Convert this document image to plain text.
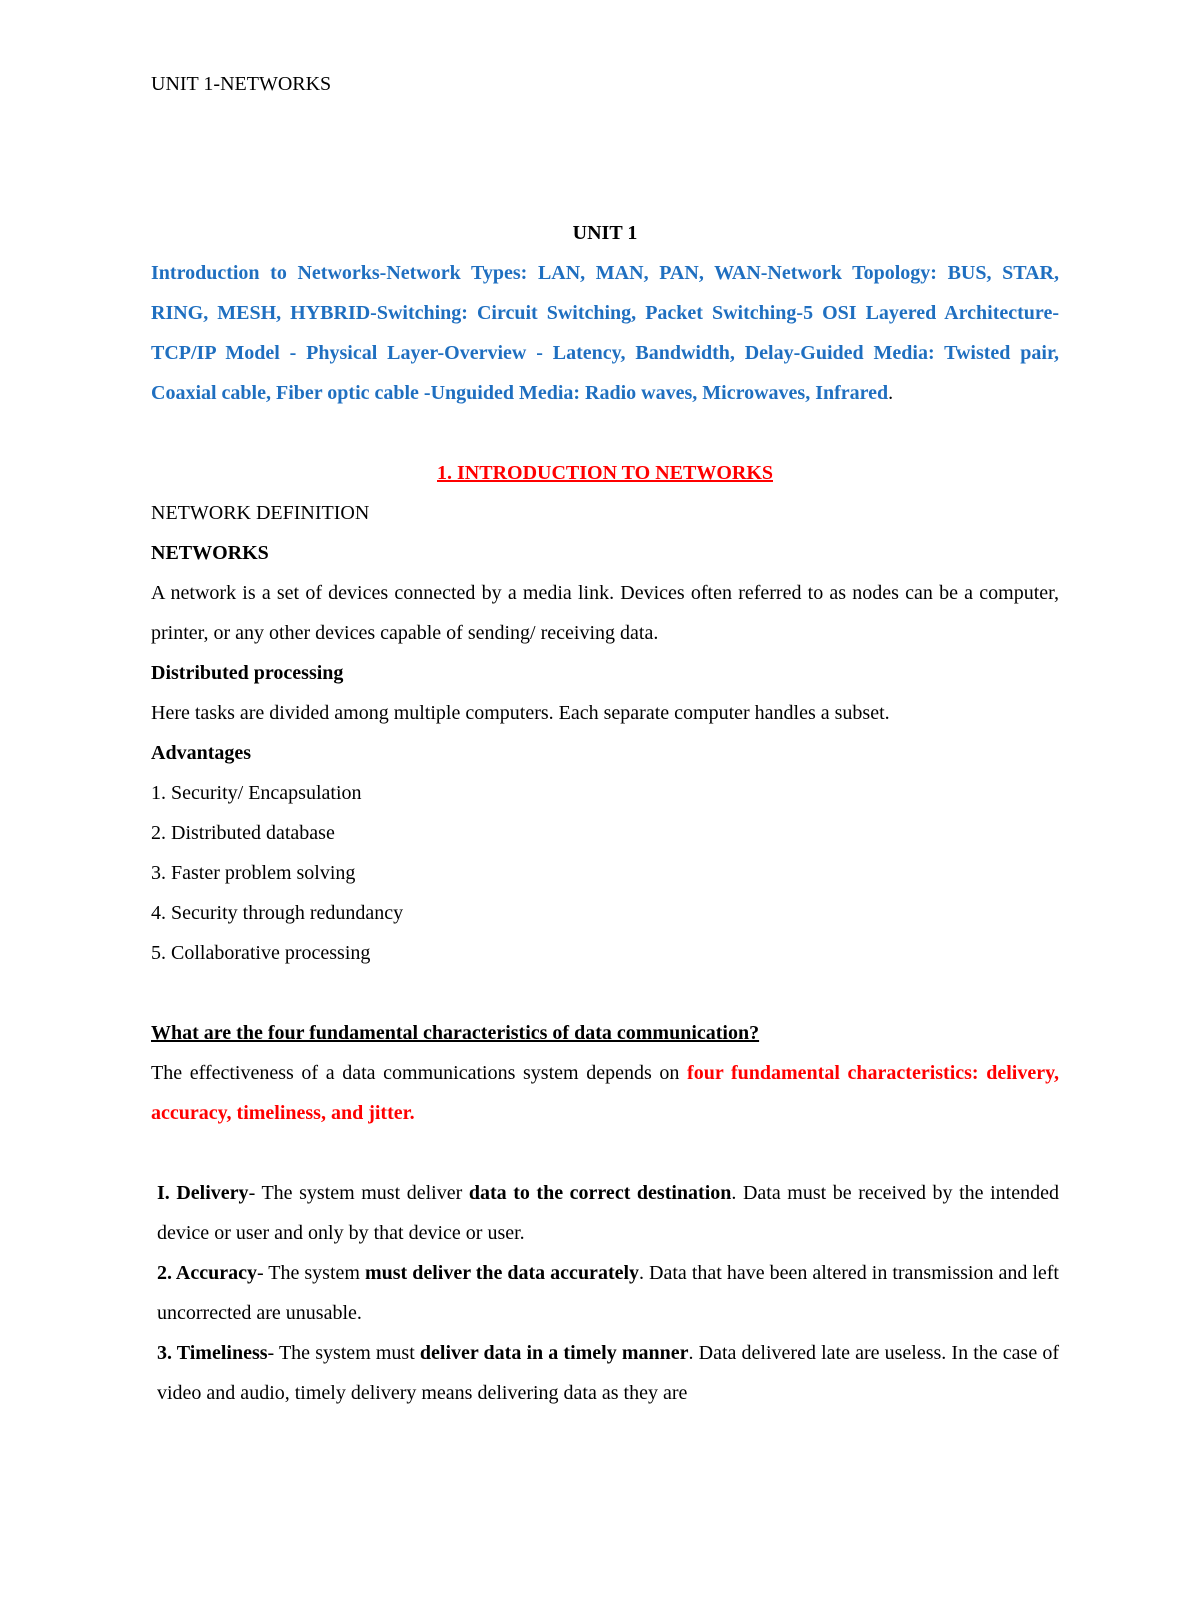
UNIT 1-NETWORKS
UNIT 1

Introduction to Networks-Network Types: LAN, MAN, PAN, WAN-Network Topology: BUS, STAR, RING, MESH, HYBRID-Switching: Circuit Switching, Packet Switching-5 OSI Layered Architecture-TCP/IP Model - Physical Layer-Overview - Latency, Bandwidth, Delay-Guided Media: Twisted pair, Coaxial cable, Fiber optic cable -Unguided Media: Radio waves, Microwaves, Infrared.

1. INTRODUCTION TO NETWORKS
NETWORK DEFINITION
NETWORKS

A network is a set of devices connected by a media link. Devices often referred to as nodes can be a computer, printer, or any other devices capable of sending/ receiving data.

Distributed processing

Here tasks are divided among multiple computers. Each separate computer handles a subset.

Advantages
1. Security/ Encapsulation
2. Distributed database
3. Faster problem solving
4. Security through redundancy
5. Collaborative processing
What are the four fundamental characteristics of data communication?

The effectiveness of a data communications system depends on four fundamental characteristics: delivery, accuracy, timeliness, and jitter.

I. Delivery- The system must deliver data to the correct destination. Data must be received by the intended device or user and only by that device or user.

2. Accuracy- The system must deliver the data accurately. Data that have been altered in transmission and left uncorrected are unusable.

3. Timeliness- The system must deliver data in a timely manner. Data delivered late are useless. In the case of video and audio, timely delivery means delivering data as they are
